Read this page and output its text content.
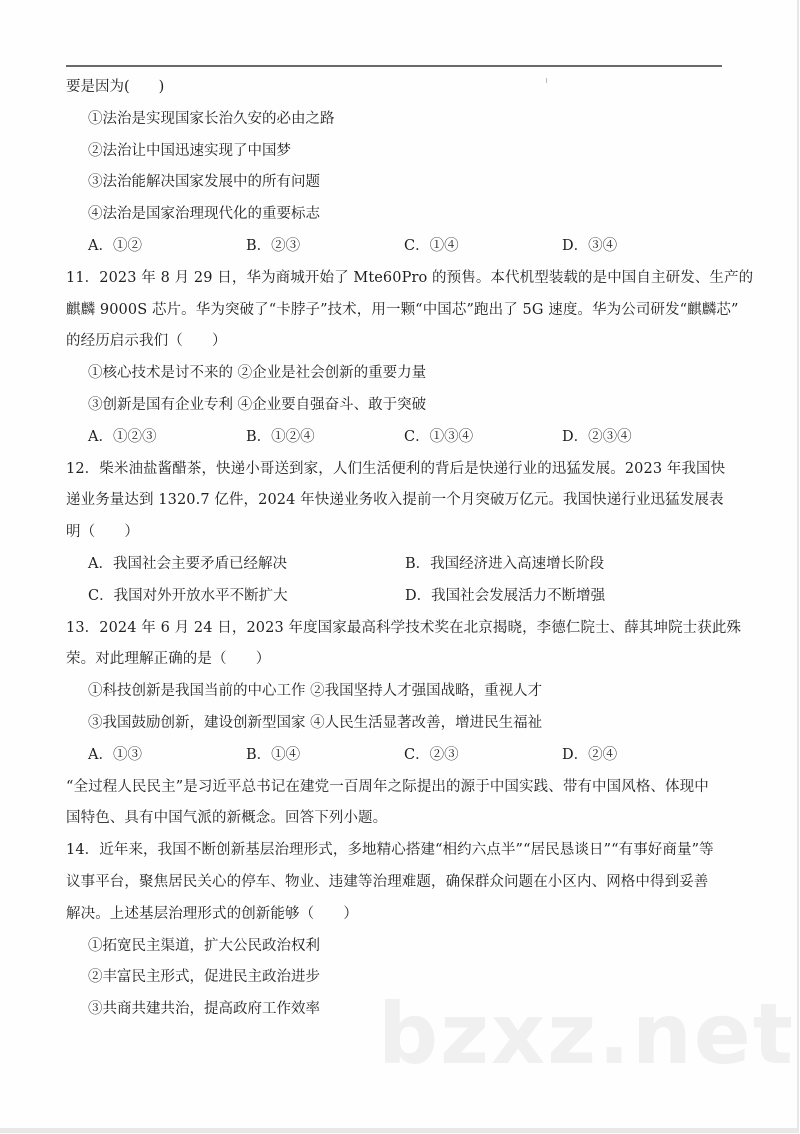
要是因为(　　)
①法治是实现国家长治久安的必由之路
②法治让中国迅速实现了中国梦
③法治能解决国家发展中的所有问题
④法治是国家治理现代化的重要标志
A．①②	B．②③	C．①④	D．③④
11．2023 年 8 月 29 日，华为商城开始了 Mte60Pro 的预售。本代机型装载的是中国自主研发、生产的
麒麟 9000S 芯片。华为突破了“卡脖子”技术，用一颗“中国芯”跑出了 5G 速度。华为公司研发“麒麟芯”
的经历启示我们（　　）
①核心技术是讨不来的 ②企业是社会创新的重要力量
③创新是国有企业专利 ④企业要自强奋斗、敢于突破
A．①②③	B．①②④	C．①③④	D．②③④
12．柴米油盐酱醋茶，快递小哥送到家，人们生活便利的背后是快递行业的迅猛发展。2023 年我国快
递业务量达到 1320.7 亿件，2024 年快递业务收入提前一个月突破万亿元。我国快递行业迅猛发展表
明（　　）
A．我国社会主要矛盾已经解决	B．我国经济进入高速增长阶段
C．我国对外开放水平不断扩大	D．我国社会发展活力不断增强
13．2024 年 6 月 24 日，2023 年度国家最高科学技术奖在北京揭晓，李德仁院士、薛其坤院士获此殊
荣。对此理解正确的是（　　）
①科技创新是我国当前的中心工作 ②我国坚持人才强国战略，重视人才
③我国鼓励创新，建设创新型国家 ④人民生活显著改善，增进民生福祉
A．①③	B．①④	C．②③	D．②④
“全过程人民民主”是习近平总书记在建党一百周年之际提出的源于中国实践、带有中国风格、体现中
国特色、具有中国气派的新概念。回答下列小题。
14．近年来，我国不断创新基层治理形式，多地精心搭建“相约六点半”“居民恳谈日”“有事好商量”等
议事平台，聚焦居民关心的停车、物业、违建等治理难题，确保群众问题在小区内、网格中得到妥善
解决。上述基层治理形式的创新能够（　　）
①拓宽民主渠道，扩大公民政治权利
②丰富民主形式，促进民主政治进步
③共商共建共治，提高政府工作效率 bzxz.net
